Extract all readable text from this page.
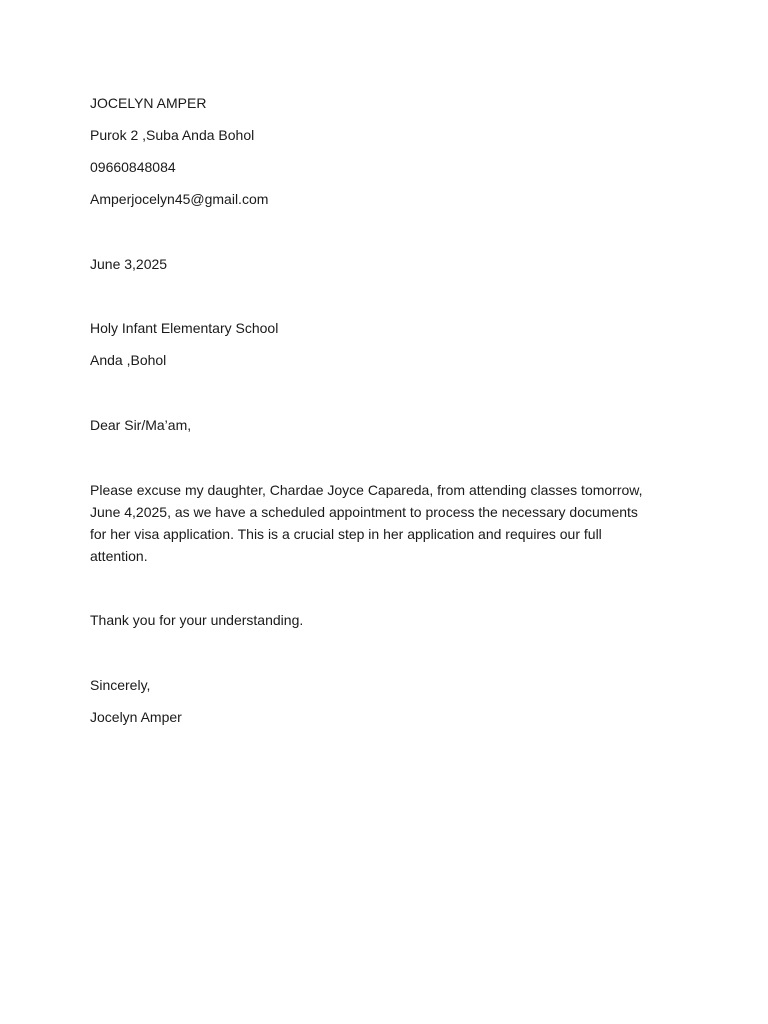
JOCELYN AMPER
Purok 2 ,Suba Anda Bohol
09660848084
Amperjocelyn45@gmail.com
June 3,2025
Holy Infant Elementary School
Anda ,Bohol
Dear Sir/Ma’am,
Please excuse my daughter, Chardae Joyce Capareda, from attending classes tomorrow,
June 4,2025, as we have a scheduled appointment to process the necessary documents
for her visa application. This is a crucial step in her application and requires our full
attention.
Thank you for your understanding.
Sincerely,
Jocelyn Amper
